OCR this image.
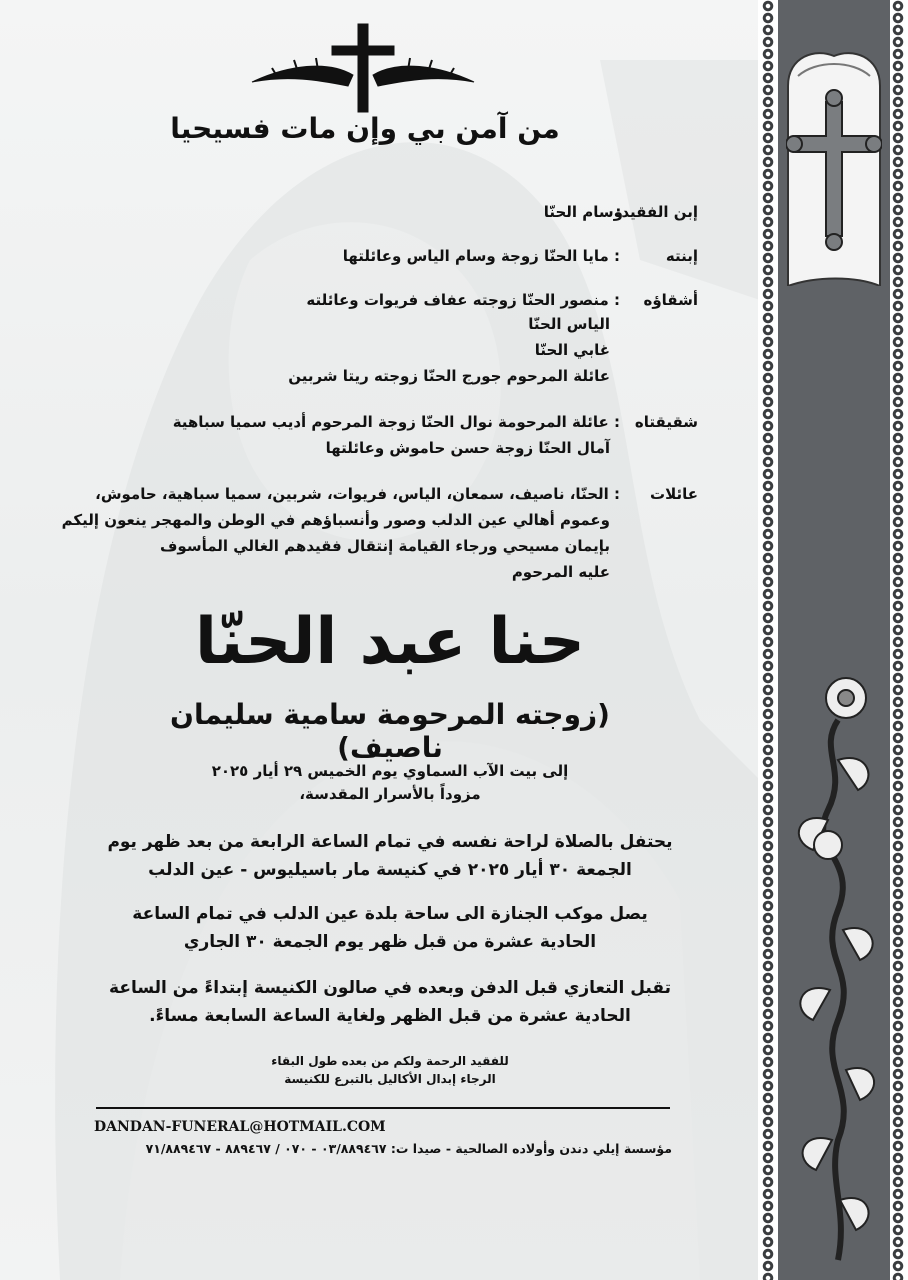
من آمن بي وإن مات فسيحيا
إبن الفقيد:
وسام الحنّا
إبنته
: مايا الحنّا زوجة وسام الياس وعائلتها
أشقاؤه
: منصور الحنّا زوجته عفاف فريوات وعائلته
الياس الحنّا
غابي الحنّا
عائلة المرحوم جورج الحنّا زوجته ريتا شربين
شقيقتاه
: عائلة المرحومة نوال الحنّا زوجة المرحوم أديب سميا سباهية
آمال الحنّا زوجة حسن حاموش وعائلتها
عائلات
: الحنّا، ناصيف، سمعان، الياس، فريوات، شربين، سميا سباهية، حاموش،
وعموم أهالي عين الدلب وصور وأنسباؤهم في الوطن والمهجر ينعون إليكم
بإيمان مسيحي ورجاء القيامة إنتقال فقيدهم الغالي المأسوف
عليه المرحوم
حنا عبد الحنّا
(زوجته المرحومة سامية سليمان ناصيف)
إلى بيت الآب السماوي يوم الخميس ٢٩ أيار ٢٠٢٥
مزوداً بالأسرار المقدسة،
يحتفل بالصلاة لراحة نفسه في تمام الساعة الرابعة من بعد ظهر يوم
الجمعة ٣٠ أيار ٢٠٢٥ في كنيسة مار باسيليوس - عين الدلب
يصل موكب الجنازة الى ساحة بلدة عين الدلب في تمام الساعة
الحادية عشرة من قبل ظهر يوم الجمعة ٣٠ الجاري
تقبل التعازي قبل الدفن وبعده في صالون الكنيسة إبتداءً من الساعة
الحادية عشرة من قبل الظهر ولغاية الساعة السابعة مساءً.
للفقيد الرحمة ولكم من بعده طول البقاء
الرجاء إبدال الأكاليل بالتبرع للكنيسة
DANDAN-FUNERAL@HOTMAIL.COM
مؤسسة إيلي دندن وأولاده الصالحية - صيدا ت: ٠٣/٨٨٩٤٦٧ - ٠٧٠ / ٨٨٩٤٦٧ - ٧١/٨٨٩٤٦٧
